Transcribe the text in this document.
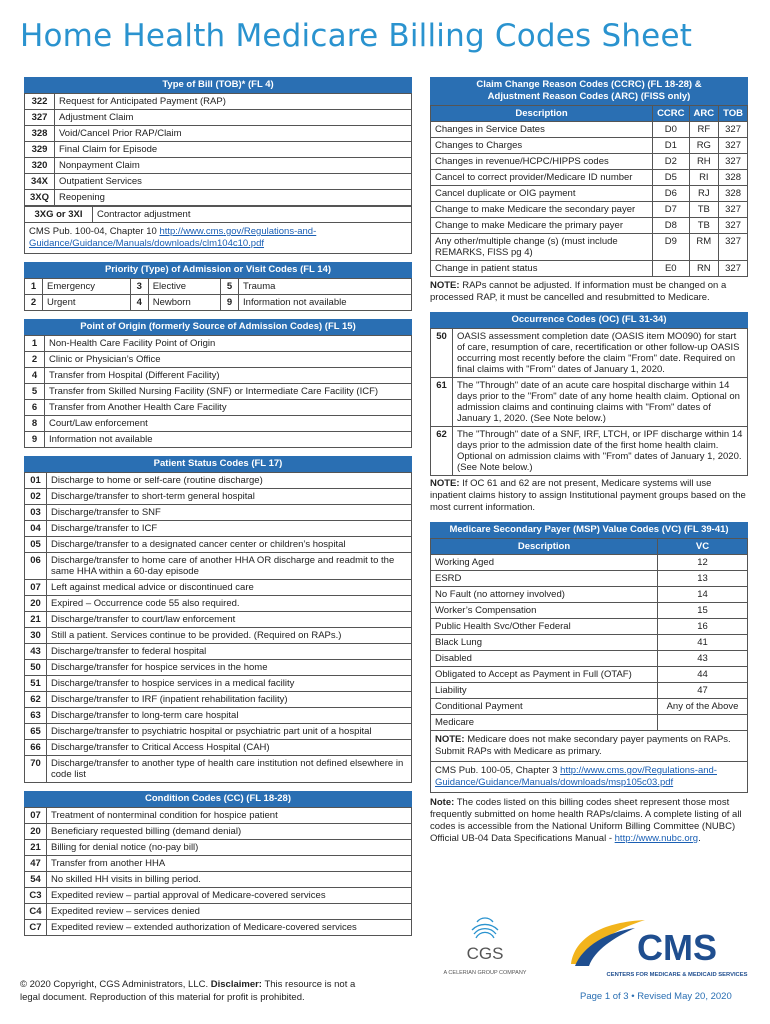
Home Health Medicare Billing Codes Sheet
Type of Bill (TOB)* (FL 4)
322	Request for Anticipated Payment (RAP)
327	Adjustment Claim
328	Void/Cancel Prior RAP/Claim
329	Final Claim for Episode
320	Nonpayment Claim
34X	Outpatient Services
3XQ	Reopening
3XG or 3XI	Contractor adjustment
CMS Pub. 100-04, Chapter 10 http://www.cms.gov/Regulations-and-Guidance/Guidance/Manuals/downloads/clm104c10.pdf
Priority (Type) of Admission or Visit Codes (FL 14)
1	Emergency	3	Elective	5	Trauma
2	Urgent	4	Newborn	9	Information not available
Point of Origin (formerly Source of Admission Codes) (FL 15)
1	Non-Health Care Facility Point of Origin
2	Clinic or Physician’s Office
4	Transfer from Hospital (Different Facility)
5	Transfer from Skilled Nursing Facility (SNF) or Intermediate Care Facility (ICF)
6	Transfer from Another Health Care Facility
8	Court/Law enforcement
9	Information not available
Patient Status Codes (FL 17)
01	Discharge to home or self-care (routine discharge)
02	Discharge/transfer to short-term general hospital
03	Discharge/transfer to SNF
04	Discharge/transfer to ICF
05	Discharge/transfer to a designated cancer center or children’s hospital
06	Discharge/transfer to home care of another HHA OR discharge and readmit to the same HHA within a 60-day episode
07	Left against medical advice or discontinued care
20	Expired – Occurrence code 55 also required.
21	Discharge/transfer to court/law enforcement
30	Still a patient. Services continue to be provided. (Required on RAPs.)
43	Discharge/transfer to federal hospital
50	Discharge/transfer for hospice services in the home
51	Discharge/transfer to hospice services in a medical facility
62	Discharge/transfer to IRF (inpatient rehabilitation facility)
63	Discharge/transfer to long-term care hospital
65	Discharge/transfer to psychiatric hospital or psychiatric part unit of a hospital
66	Discharge/transfer to Critical Access Hospital (CAH)
70	Discharge/transfer to another type of health care institution not defined elsewhere in code list
Condition Codes (CC) (FL 18-28)
07	Treatment of nonterminal condition for hospice patient
20	Beneficiary requested billing (demand denial)
21	Billing for denial notice (no-pay bill)
47	Transfer from another HHA
54	No skilled HH visits in billing period.
C3	Expedited review – partial approval of Medicare-covered services
C4	Expedited review – services denied
C7	Expedited review – extended authorization of Medicare-covered services
Claim Change Reason Codes (CCRC) (FL 18-28) &
Adjustment Reason Codes (ARC) (FISS only)
Description	CCRC	ARC	TOB
Changes in Service Dates	D0	RF	327
Changes to Charges	D1	RG	327
Changes in revenue/HCPC/HIPPS codes	D2	RH	327
Cancel to correct provider/Medicare ID number	D5	RI	328
Cancel duplicate or OIG payment	D6	RJ	328
Change to make Medicare the secondary payer	D7	TB	327
Change to make Medicare the primary payer	D8	TB	327
Any other/multiple change (s) (must include REMARKS, FISS pg 4)	D9	RM	327
Change in patient status	E0	RN	327
NOTE: RAPs cannot be adjusted. If information must be changed on a processed RAP, it must be cancelled and resubmitted to Medicare.
Occurrence Codes (OC) (FL 31-34)
50	OASIS assessment completion date (OASIS item MO090) for start of care, resumption of care, recertification or other follow-up OASIS occurring most recently before the claim "From" date. Required on final claims with "From" dates of January 1, 2020.
61	The "Through" date of an acute care hospital discharge within 14 days prior to the "From" date of any home health claim. Optional on admission claims and continuing claims with "From" dates of January 1, 2020. (See Note below.)
62	The "Through" date of a SNF, IRF, LTCH, or IPF discharge within 14 days prior to the admission date of the first home health claim. Optional on admission claims with "From" dates of January 1, 2020. (See Note below.)
NOTE: If OC 61 and 62 are not present, Medicare systems will use inpatient claims history to assign Institutional payment groups based on the most current information.
Medicare Secondary Payer (MSP) Value Codes (VC) (FL 39-41)
Description	VC
Working Aged	12
ESRD	13
No Fault (no attorney involved)	14
Worker’s Compensation	15
Public Health Svc/Other Federal	16
Black Lung	41
Disabled	43
Obligated to Accept as Payment in Full (OTAF)	44
Liability	47
Conditional Payment	Any of the Above
Medicare	
NOTE: Medicare does not make secondary payer payments on RAPs. Submit RAPs with Medicare as primary.
CMS Pub. 100-05, Chapter 3 http://www.cms.gov/Regulations-and-Guidance/Guidance/Manuals/downloads/msp105c03.pdf
Note: The codes listed on this billing codes sheet represent those most frequently submitted on home health RAPs/claims. A complete listing of all codes is accessible from the National Uniform Billing Committee (NUBC) Official UB-04 Data Specifications Manual - http://www.nubc.org.
CGS
A CELERIAN GROUP COMPANY
CMS
CENTERS FOR MEDICARE & MEDICAID SERVICES
© 2020 Copyright, CGS Administrators, LLC. Disclaimer: This resource is not a legal document. Reproduction of this material for profit is prohibited.	Page 1 of 3 • Revised May 20, 2020
